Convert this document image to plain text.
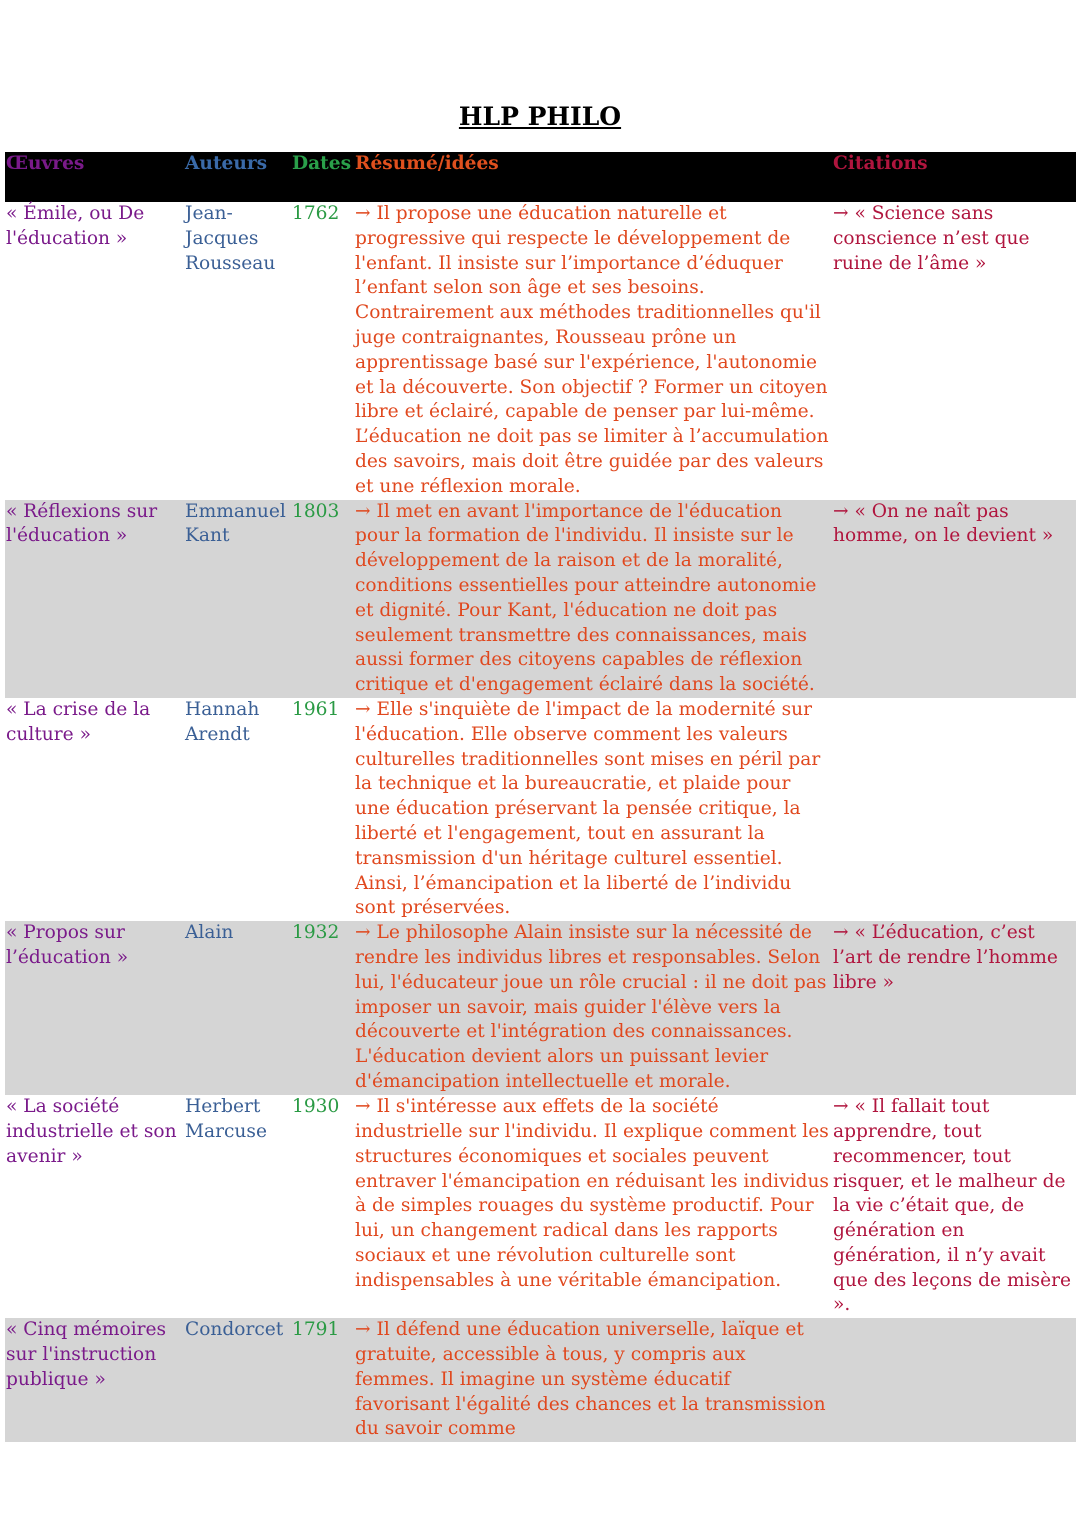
HLP PHILO
Œuvres	Auteurs	Dates	Résumé/idées	Citations
« Émile, ou De l'éducation »	Jean-Jacques Rousseau	1762	→ Il propose une éducation naturelle et progressive qui respecte le développement de l'enfant. Il insiste sur l’importance d’éduquer l’enfant selon son âge et ses besoins. Contrairement aux méthodes traditionnelles qu'il juge contraignantes, Rousseau prône un apprentissage basé sur l'expérience, l'autonomie et la découverte. Son objectif ? Former un citoyen libre et éclairé, capable de penser par lui-même. L’éducation ne doit pas se limiter à l’accumulation des savoirs, mais doit être guidée par des valeurs et une réflexion morale.	→ « Science sans conscience n’est que ruine de l’âme »
« Réflexions sur l'éducation »	Emmanuel Kant	1803	→ Il met en avant l'importance de l'éducation pour la formation de l'individu. Il insiste sur le développement de la raison et de la moralité, conditions essentielles pour atteindre autonomie et dignité. Pour Kant, l'éducation ne doit pas seulement transmettre des connaissances, mais aussi former des citoyens capables de réflexion critique et d'engagement éclairé dans la société.	→ « On ne naît pas homme, on le devient »
« La crise de la culture »	Hannah Arendt	1961	→ Elle s'inquiète de l'impact de la modernité sur l'éducation. Elle observe comment les valeurs culturelles traditionnelles sont mises en péril par la technique et la bureaucratie, et plaide pour une éducation préservant la pensée critique, la liberté et l'engagement, tout en assurant la transmission d'un héritage culturel essentiel. Ainsi, l’émancipation et la liberté de l’individu sont préservées.	
« Propos sur l’éducation »	Alain	1932	→ Le philosophe Alain insiste sur la nécessité de rendre les individus libres et responsables. Selon lui, l'éducateur joue un rôle crucial : il ne doit pas imposer un savoir, mais guider l'élève vers la découverte et l'intégration des connaissances. L'éducation devient alors un puissant levier d'émancipation intellectuelle et morale.	→ « L’éducation, c’est l’art de rendre l’homme libre »
« La société industrielle et son avenir »	Herbert Marcuse	1930	→ Il s'intéresse aux effets de la société industrielle sur l'individu. Il explique comment les structures économiques et sociales peuvent entraver l'émancipation en réduisant les individus à de simples rouages du système productif. Pour lui, un changement radical dans les rapports sociaux et une révolution culturelle sont indispensables à une véritable émancipation.	→ « Il fallait tout apprendre, tout recommencer, tout risquer, et le malheur de la vie c’était que, de génération en génération, il n’y avait que des leçons de misère ».
« Cinq mémoires sur l'instruction publique »	Condorcet	1791	→ Il défend une éducation universelle, laïque et gratuite, accessible à tous, y compris aux femmes. Il imagine un système éducatif favorisant l'égalité des chances et la transmission du savoir comme	
